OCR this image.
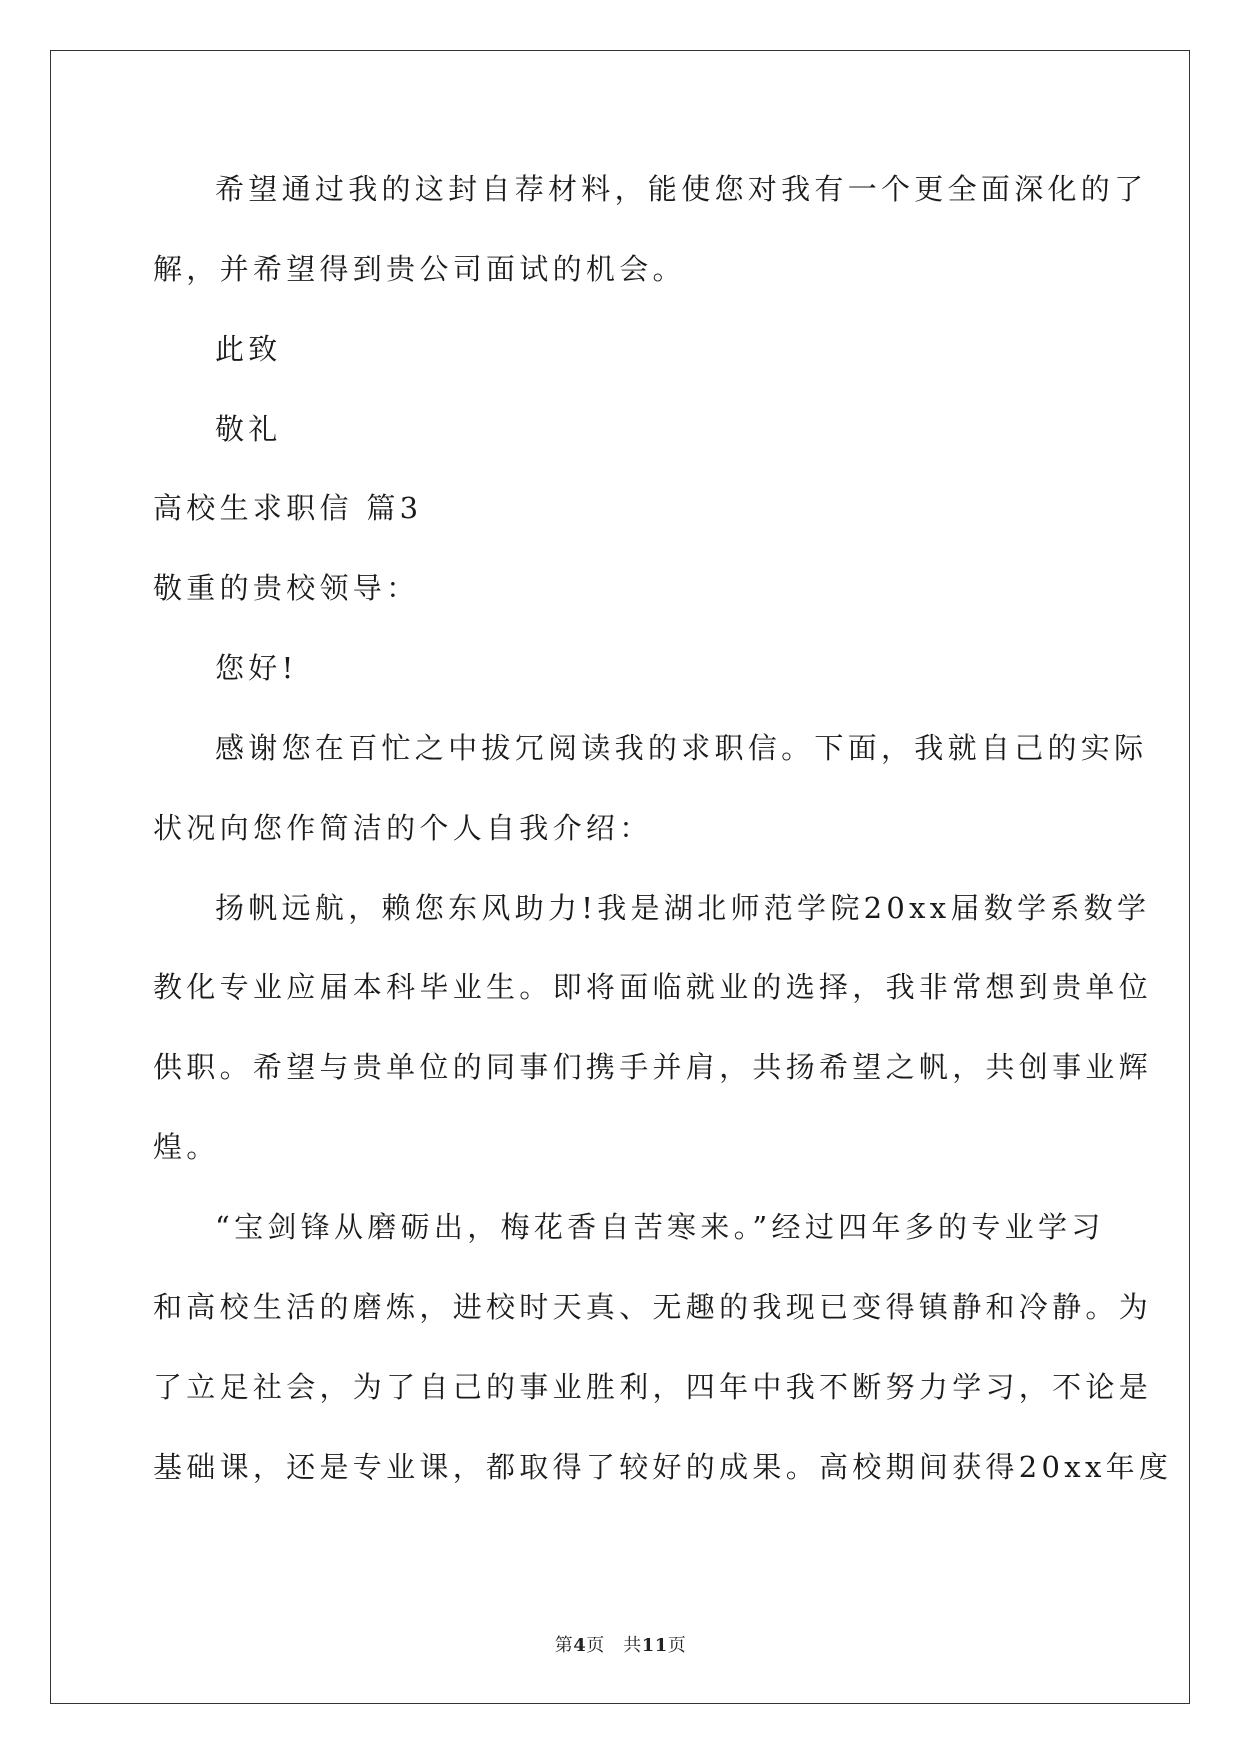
希望通过我的这封自荐材料，能使您对我有一个更全面深化的了
解，并希望得到贵公司面试的机会。
此致
敬礼
高校生求职信 篇3
敬重的贵校领导：
您好!
感谢您在百忙之中拔冗阅读我的求职信。下面，我就自己的实际
状况向您作简洁的个人自我介绍：
扬帆远航，赖您东风助力!我是湖北师范学院20xx届数学系数学
教化专业应届本科毕业生。即将面临就业的选择，我非常想到贵单位
供职。希望与贵单位的同事们携手并肩，共扬希望之帆，共创事业辉
煌。
“宝剑锋从磨砺出，梅花香自苦寒来。”经过四年多的专业学习
和高校生活的磨炼，进校时天真、无趣的我现已变得镇静和冷静。为
了立足社会，为了自己的事业胜利，四年中我不断努力学习，不论是
基础课，还是专业课，都取得了较好的成果。高校期间获得20xx年度
第4页　共11页
